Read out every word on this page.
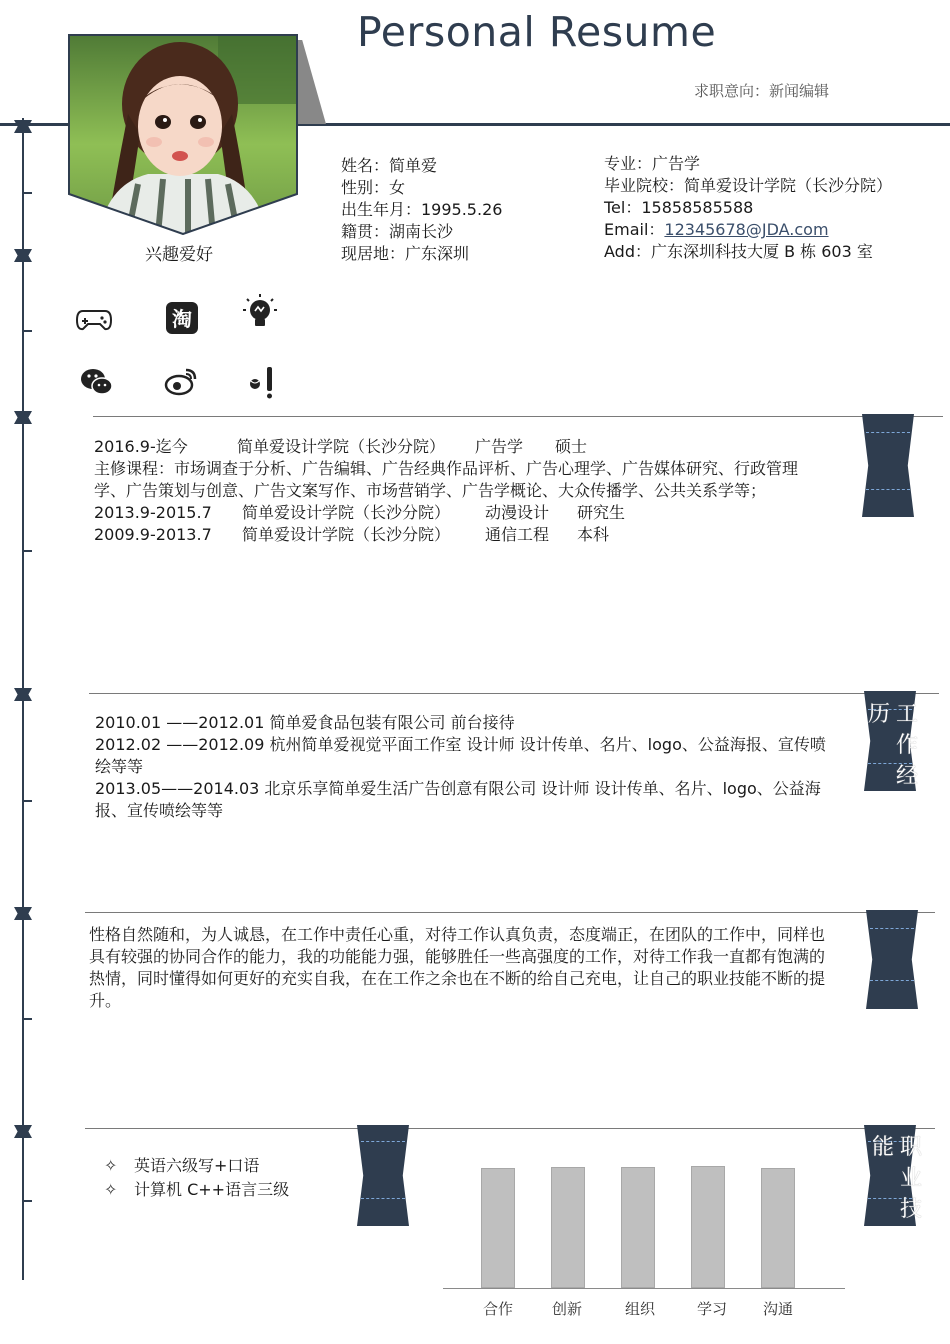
Personal Resume
求职意向：新闻编辑
姓名：简单爱
性别：女
出生年月：1995.5.26
籍贯：湖南长沙
现居地：广东深圳
专业：广告学
毕业院校：简单爱设计学院（长沙分院）
Tel：15858585588
Email：12345678@JDA.com
Add：广东深圳科技大厦 B 栋 603 室
兴趣爱好
淘
2016.9-迄今	简单爱设计学院（长沙分院） 广告学 硕士
主修课程：市场调查于分析、广告编辑、广告经典作品评析、广告心理学、广告媒体研究、行政管理学、广告策划与创意、广告文案写作、市场营销学、广告学概论、大众传播学、公共关系学等；
2013.9-2015.7 简单爱设计学院（长沙分院） 动漫设计 研究生
2009.9-2013.7 简单爱设计学院（长沙分院） 通信工程 本科
历 工
作
经
2010.01 ——2012.01 简单爱食品包装有限公司 前台接待
2012.02 ——2012.09 杭州简单爱视觉平面工作室 设计师 设计传单、名片、logo、公益海报、宣传喷绘等等
2013.05——2014.03 北京乐享简单爱生活广告创意有限公司 设计师 设计传单、名片、logo、公益海报、宣传喷绘等等
性格自然随和，为人诚恳，在工作中责任心重，对待工作认真负责，态度端正，在团队的工作中，同样也具有较强的协同合作的能力，我的功能能力强，能够胜任一些高强度的工作，对待工作我一直都有饱满的热情，同时懂得如何更好的充实自我，在在工作之余也在不断的给自己充电，让自己的职业技能不断的提升。
能 职
业
技
✧ 英语六级写+口语
✧ 计算机 C++语言三级
合作	创新	组织	学习	沟通
